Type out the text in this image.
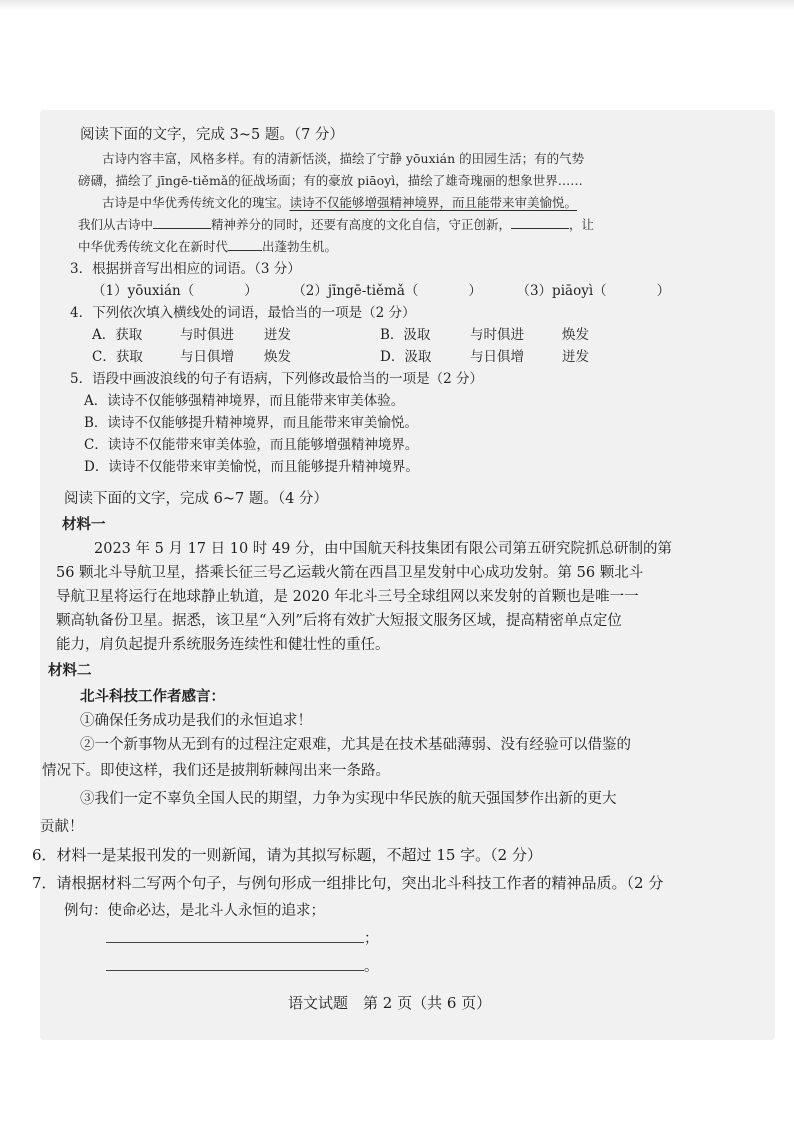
阅读下面的文字，完成 3~5 题。（7 分）
古诗内容丰富，风格多样。有的清新恬淡，描绘了宁静 yōuxián 的田园生活；有的气势
磅礴，描绘了 jīngē-tiěmǎ的征战场面；有的豪放 piāoyì，描绘了雄奇瑰丽的想象世界……
古诗是中华优秀传统文化的瑰宝。读诗不仅能够增强精神境界，而且能带来审美愉悦。
我们从古诗中	精神养分的同时，还要有高度的文化自信，守正创新，	，让
中华优秀传统文化在新时代	出蓬勃生机。
3．根据拼音写出相应的词语。（3 分）
（1）yōuxián（	）	（2）jīngē-tiěmǎ（	）	（3）piāoyì（	）
4．下列依次填入横线处的词语，最恰当的一项是（2 分）
A．获取	与时俱进 迸发	B．汲取	与时俱进	焕发
C．获取	与日俱增 焕发	D．汲取	与日俱增	迸发
5．语段中画波浪线的句子有语病，下列修改最恰当的一项是（2 分）
A．读诗不仅能够强精神境界，而且能带来审美体验。
B．读诗不仅能够提升精神境界，而且能带来审美愉悦。
C．读诗不仅能带来审美体验，而且能够增强精神境界。
D．读诗不仅能带来审美愉悦，而且能够提升精神境界。
阅读下面的文字，完成 6~7 题。（4 分）
材料一
2023 年 5 月 17 日 10 时 49 分，由中国航天科技集团有限公司第五研究院抓总研制的第
56 颗北斗导航卫星，搭乘长征三号乙运载火箭在西昌卫星发射中心成功发射。第 56 颗北斗
导航卫星将运行在地球静止轨道，是 2020 年北斗三号全球组网以来发射的首颗也是唯一一
颗高轨备份卫星。据悉，该卫星“入列”后将有效扩大短报文服务区域，提高精密单点定位
能力，肩负起提升系统服务连续性和健壮性的重任。
材料二
北斗科技工作者感言：
①确保任务成功是我们的永恒追求！
②一个新事物从无到有的过程注定艰难，尤其是在技术基础薄弱、没有经验可以借鉴的
情况下。即使这样，我们还是披荆斩棘闯出来一条路。
③我们一定不辜负全国人民的期望，力争为实现中华民族的航天强国梦作出新的更大
贡献！
6．材料一是某报刊发的一则新闻，请为其拟写标题，不超过 15 字。（2 分）
7．请根据材料二写两个句子，与例句形成一组排比句，突出北斗科技工作者的精神品质。（2 分
例句：使命必达，是北斗人永恒的追求；
；
。
语文试题　第 2 页（共 6 页）
